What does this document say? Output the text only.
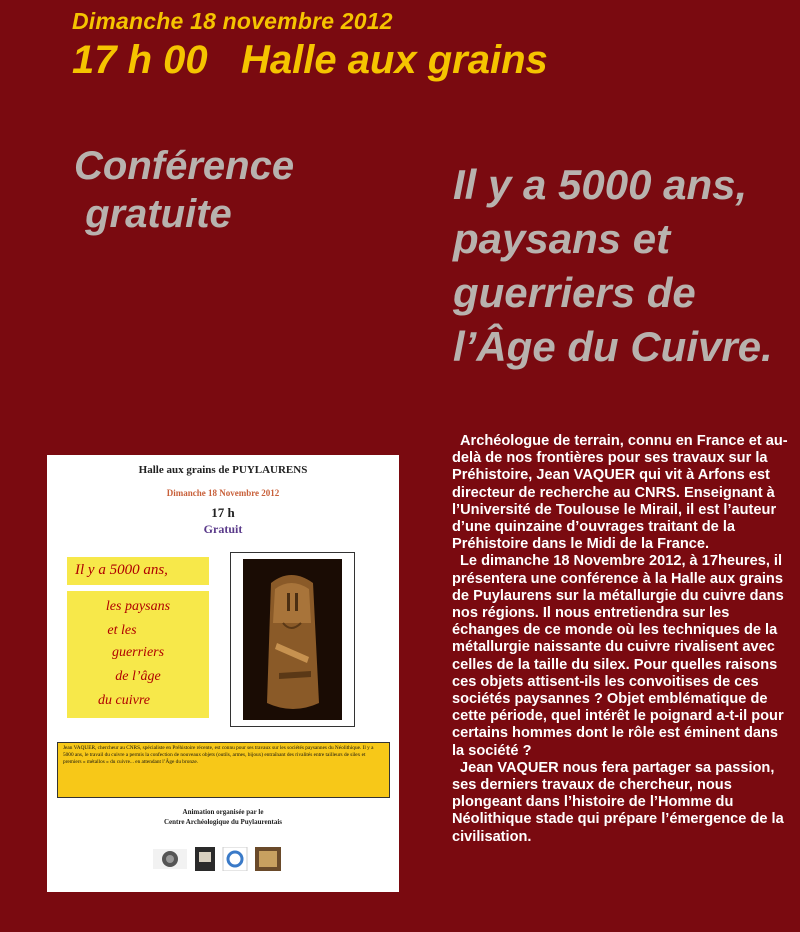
Dimanche 18 novembre 2012
17 h 00   Halle aux grains
Conférence
gratuite
Il y a 5000 ans, paysans et guerriers de l’Âge du Cuivre.

Archéologue de terrain, connu en France et au-delà de nos frontières pour ses travaux sur la Préhistoire, Jean VAQUER qui vit à Arfons est directeur de recherche au CNRS. Enseignant à l’Université de Toulouse le Mirail, il est l’auteur d’une quinzaine d’ouvrages traitant de la Préhistoire dans le Midi de la France.

Le dimanche 18 Novembre 2012, à 17heures, il présentera une conférence à la Halle aux grains de Puylaurens sur la métallurgie du cuivre dans nos régions. Il nous entretiendra sur les échanges de ce monde où les techniques de la métallurgie naissante du cuivre rivalisent avec celles de la taille du silex. Pour quelles raisons ces objets attisent-ils les convoitises de ces sociétés paysannes ? Objet emblématique de cette période, quel intérêt le poignard a-t-il pour certains hommes dont le rôle est éminent dans la société ?

Jean VAQUER nous fera partager sa passion, ses derniers travaux de chercheur, nous plongeant dans l’histoire de l’Homme du Néolithique stade qui prépare l’émergence de la civilisation.

Halle aux grains de PUYLAURENS
Dimanche 18 Novembre 2012
17 h
Gratuit
Il y a 5000 ans,
les paysans
et les
guerriers
de l’âge
du cuivre

Jean VAQUER, chercheur au CNRS, spécialiste en Préhistoire récente, est connu pour ses travaux sur les sociétés paysannes du Néolithique. Il y a 5000 ans, le travail du cuivre a permis la confection de nouveaux objets (outils, armes, bijoux) entraînant des rivalités entre tailleurs de silex et premiers « métallos » du cuivre... en attendant l’Âge du bronze.

Animation organisée par le
Centre Archéologique du Puylaurentais
